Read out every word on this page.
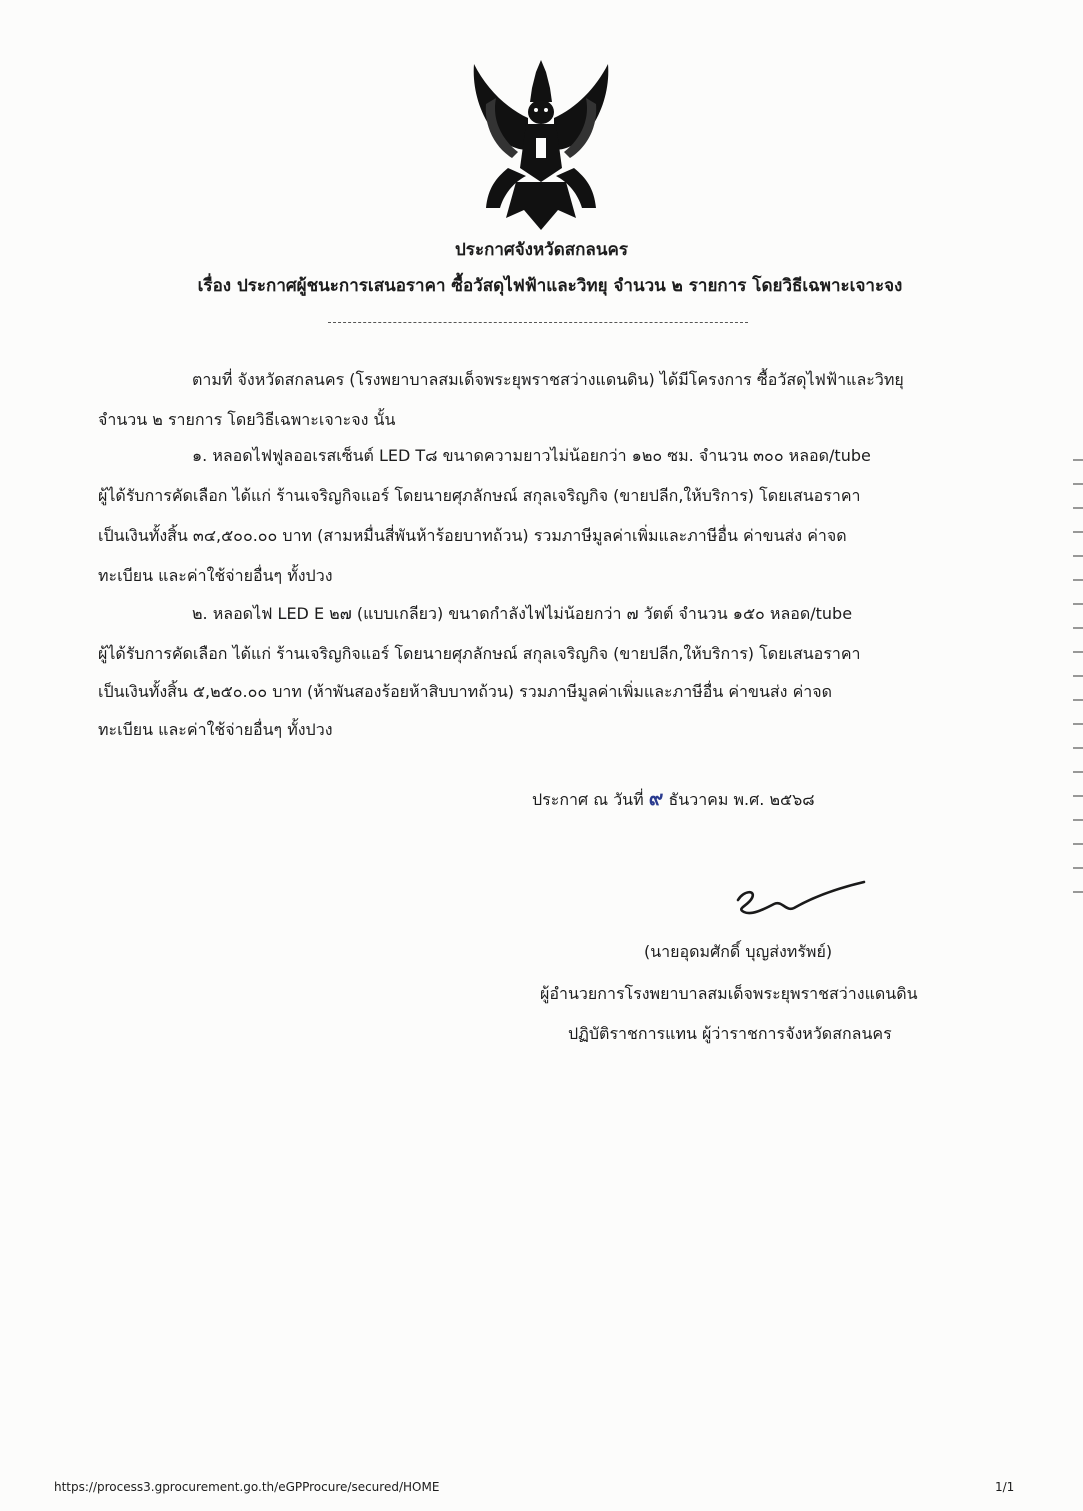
ประกาศจังหวัดสกลนคร
เรื่อง ประกาศผู้ชนะการเสนอราคา ซื้อวัสดุไฟฟ้าและวิทยุ จำนวน ๒ รายการ โดยวิธีเฉพาะเจาะจง
ตามที่ จังหวัดสกลนคร (โรงพยาบาลสมเด็จพระยุพราชสว่างแดนดิน) ได้มีโครงการ ซื้อวัสดุไฟฟ้าและวิทยุ
จำนวน ๒ รายการ โดยวิธีเฉพาะเจาะจง นั้น
๑. หลอดไฟฟูลออเรสเซ็นต์ LED T๘ ขนาดความยาวไม่น้อยกว่า ๑๒๐ ซม. จำนวน ๓๐๐ หลอด/tube
ผู้ได้รับการคัดเลือก ได้แก่ ร้านเจริญกิจแอร์ โดยนายศุภลักษณ์ สกุลเจริญกิจ (ขายปลีก,ให้บริการ) โดยเสนอราคา
เป็นเงินทั้งสิ้น ๓๔,๕๐๐.๐๐ บาท (สามหมื่นสี่พันห้าร้อยบาทถ้วน) รวมภาษีมูลค่าเพิ่มและภาษีอื่น ค่าขนส่ง ค่าจด
ทะเบียน และค่าใช้จ่ายอื่นๆ ทั้งปวง
๒. หลอดไฟ LED E ๒๗ (แบบเกลียว) ขนาดกำลังไฟไม่น้อยกว่า ๗ วัตต์ จำนวน ๑๕๐ หลอด/tube
ผู้ได้รับการคัดเลือก ได้แก่ ร้านเจริญกิจแอร์ โดยนายศุภลักษณ์ สกุลเจริญกิจ (ขายปลีก,ให้บริการ) โดยเสนอราคา
เป็นเงินทั้งสิ้น ๕,๒๕๐.๐๐ บาท (ห้าพันสองร้อยห้าสิบบาทถ้วน) รวมภาษีมูลค่าเพิ่มและภาษีอื่น ค่าขนส่ง ค่าจด
ทะเบียน และค่าใช้จ่ายอื่นๆ ทั้งปวง
ประกาศ ณ วันที่ ๙ ธันวาคม พ.ศ. ๒๕๖๘
(นายอุดมศักดิ์ บุญส่งทรัพย์)
ผู้อำนวยการโรงพยาบาลสมเด็จพระยุพราชสว่างแดนดิน
ปฏิบัติราชการแทน ผู้ว่าราชการจังหวัดสกลนคร
https://process3.gprocurement.go.th/eGPProcure/secured/HOME	1/1
